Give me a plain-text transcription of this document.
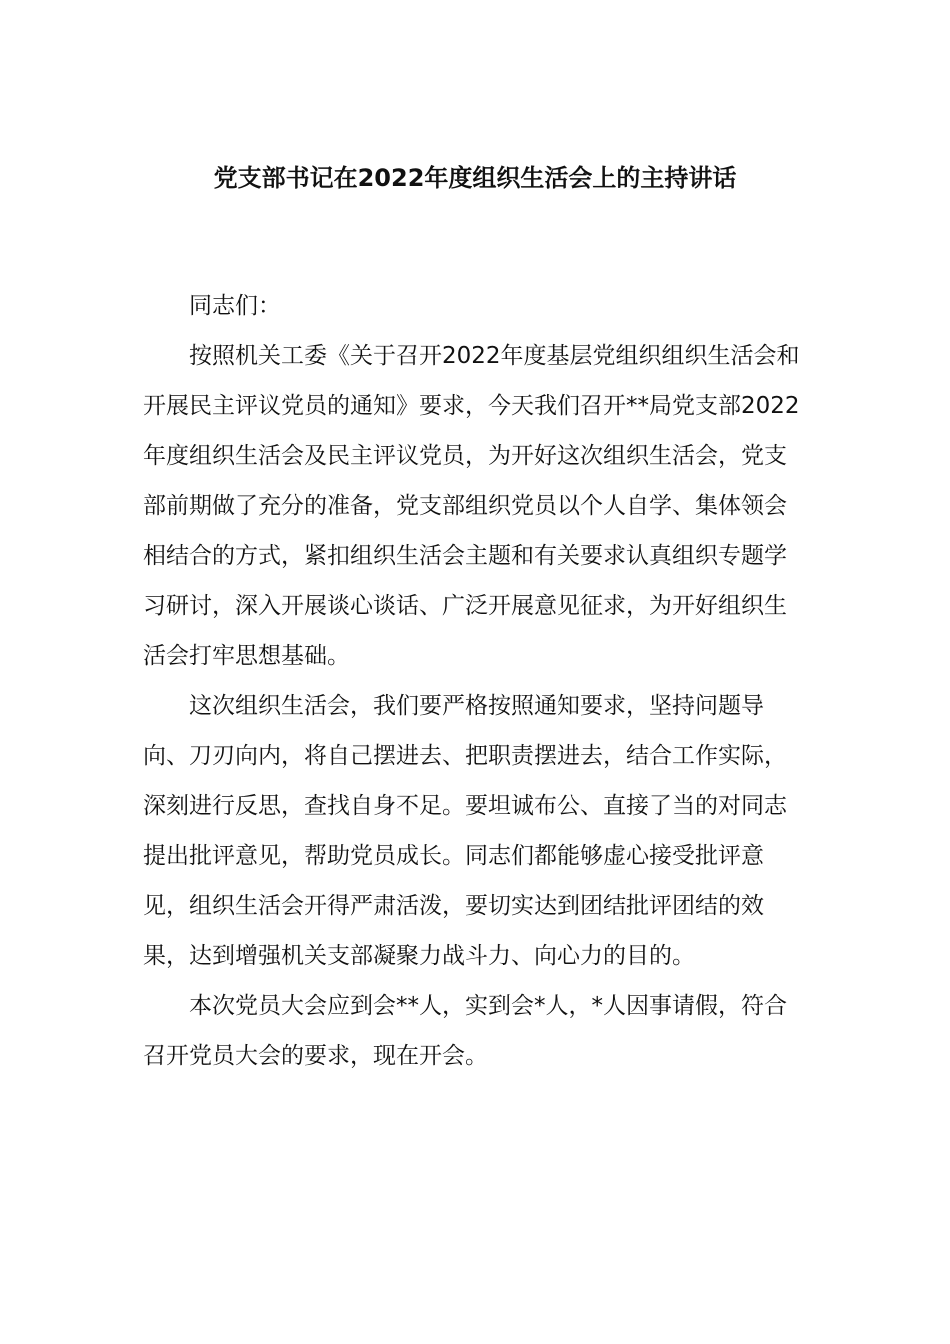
党支部书记在2022年度组织生活会上的主持讲话

同志们：

按照机关工委《关于召开2022年度基层党组织组织生活会和开展民主评议党员的通知》要求，今天我们召开**局党支部2022年度组织生活会及民主评议党员，为开好这次组织生活会，党支部前期做了充分的准备，党支部组织党员以个人自学、集体领会相结合的方式，紧扣组织生活会主题和有关要求认真组织专题学习研讨，深入开展谈心谈话、广泛开展意见征求，为开好组织生活会打牢思想基础。

这次组织生活会，我们要严格按照通知要求，坚持问题导向、刀刃向内，将自己摆进去、把职责摆进去，结合工作实际，深刻进行反思，查找自身不足。要坦诚布公、直接了当的对同志提出批评意见，帮助党员成长。同志们都能够虚心接受批评意见，组织生活会开得严肃活泼，要切实达到团结批评团结的效果，达到增强机关支部凝聚力战斗力、向心力的目的。

本次党员大会应到会**人，实到会*人，*人因事请假，符合召开党员大会的要求，现在开会。
